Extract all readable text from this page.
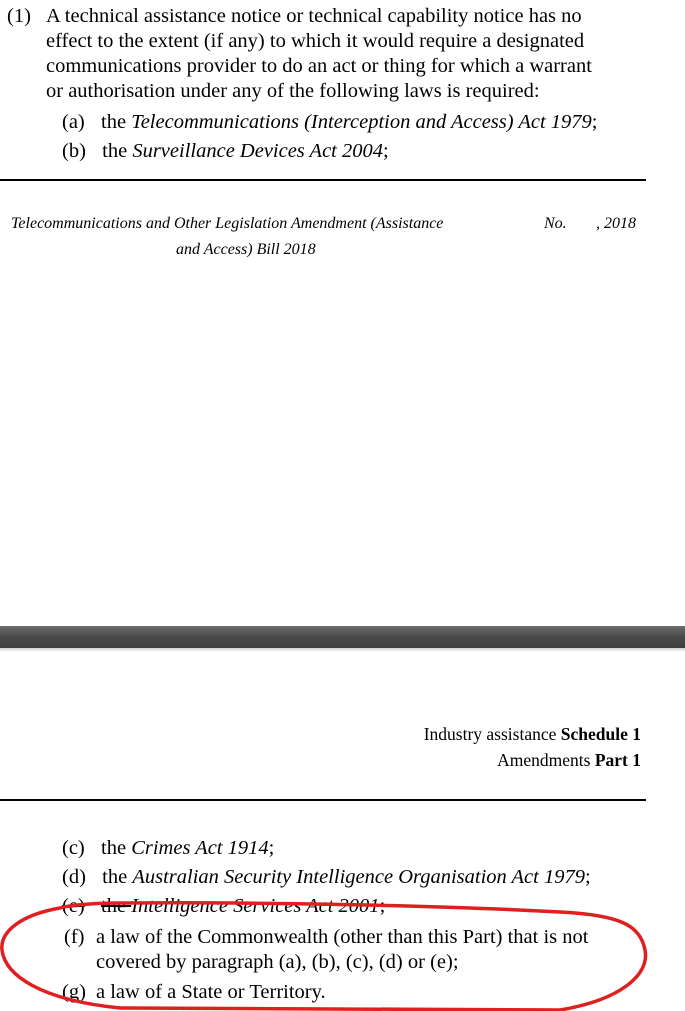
(1) A technical assistance notice or technical capability notice has no
effect to the extent (if any) to which it would require a designated
communications provider to do an act or thing for which a warrant
or authorisation under any of the following laws is required:
(a) the Telecommunications (Interception and Access) Act 1979;
(b) the Surveillance Devices Act 2004;
Telecommunications and Other Legislation Amendment (Assistance
and Access) Bill 2018
No. , 2018
Industry assistance Schedule 1
Amendments Part 1
(c) the Crimes Act 1914;
(d) the Australian Security Intelligence Organisation Act 1979;
(e) the Intelligence Services Act 2001;
(f) a law of the Commonwealth (other than this Part) that is not
covered by paragraph (a), (b), (c), (d) or (e);
(g) a law of a State or Territory.
